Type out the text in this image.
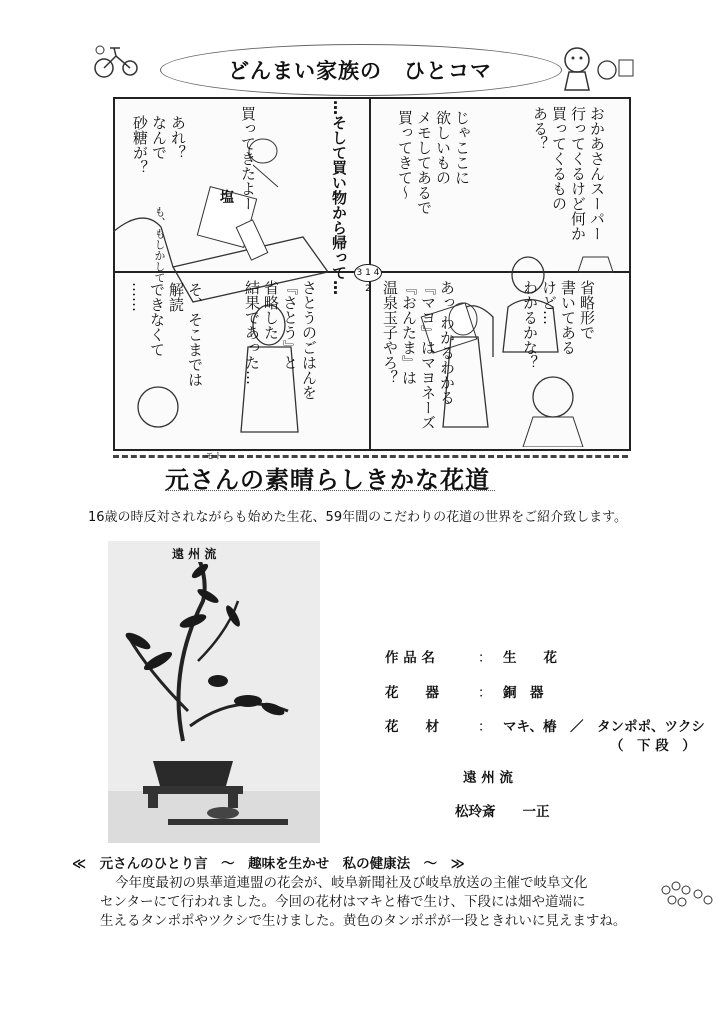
どんまい家族の　ひとコマ
おかあさんスーパー
行ってくるけど何か
買ってくるもの
ある？
じゃここに
欲しいもの
メモしてあるで
買ってきて〜
…そして買い物から帰って…
買ってきたよー
あれ？
なんで
砂糖が？
も、もしかして
塩
3 1 4 2	省略形で
書いてある
けど…
わかるかな？
あっ わかるわかる
『マヨ』はマヨネーズ
『おんたま』は
温泉玉子やろ？
さとうのごはんを
『さとう』と
省略した
結果であった…
そ、そこまでは
解読
できなくて
……
モト
元さんの素晴らしきかな花道
16歳の時反対されながらも始めた生花、59年間のこだわりの花道の世界をご紹介致します。
遠 州 流
作 品 名	： 生　　花
花　　器	： 銅　器
花　　材	： マキ、椿　／　タンポポ、ツクシ
（　下 段　）
遠 州 流
松玲斎　　一正
≪　元さんのひとり言　〜　趣味を生かせ　私の健康法　〜　≫
今年度最初の県華道連盟の花会が、岐阜新聞社及び岐阜放送の主催で岐阜文化
センターにて行われました。今回の花材はマキと椿で生け、下段には畑や道端に
生えるタンポポやツクシで生けました。黄色のタンポポが一段ときれいに見えますね。
